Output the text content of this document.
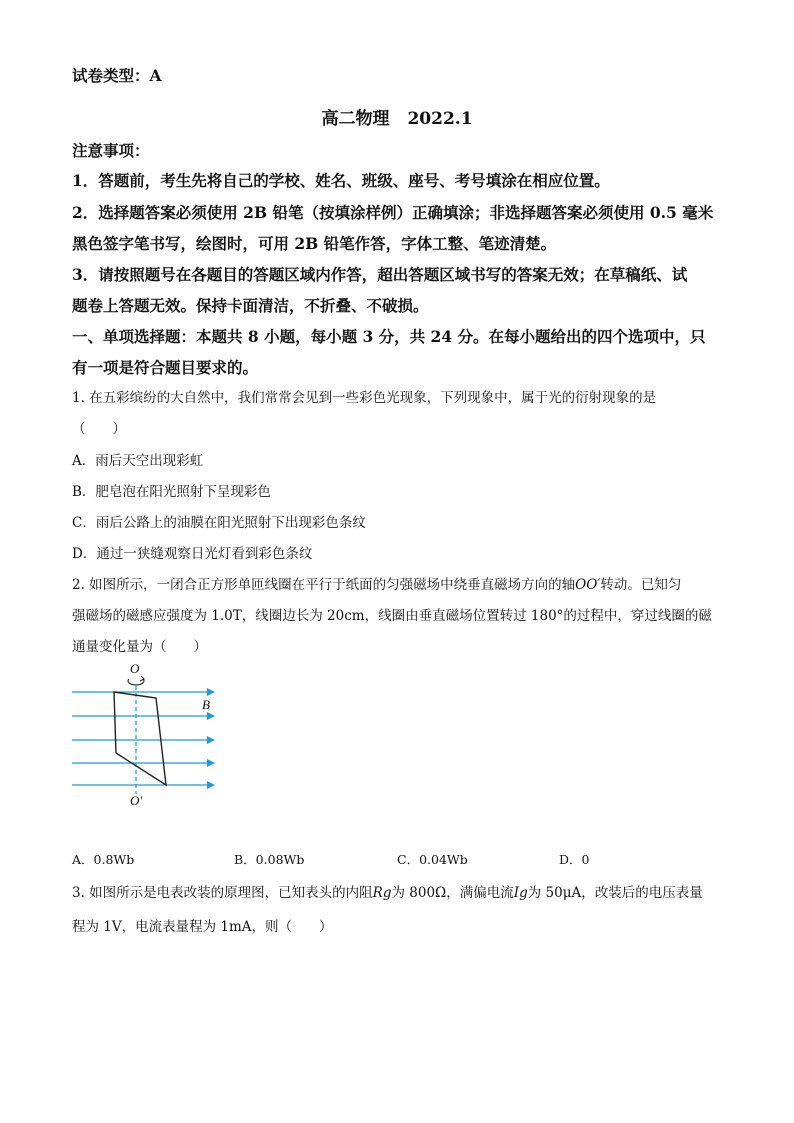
试卷类型：A
高二物理 2022.1
注意事项：
1．答题前，考生先将自己的学校、姓名、班级、座号、考号填涂在相应位置。
2．选择题答案必须使用 2B 铅笔（按填涂样例）正确填涂；非选择题答案必须使用 0.5 毫米
黑色签字笔书写，绘图时，可用 2B 铅笔作答，字体工整、笔迹清楚。
3．请按照题号在各题目的答题区域内作答，超出答题区域书写的答案无效；在草稿纸、试
题卷上答题无效。保持卡面清洁，不折叠、不破损。
一、单项选择题：本题共 8 小题，每小题 3 分，共 24 分。在每小题给出的四个选项中，只
有一项是符合题目要求的。
1. 在五彩缤纷的大自然中，我们常常会见到一些彩色光现象，下列现象中，属于光的衍射现象的是
（　　）
A．雨后天空出现彩虹
B．肥皂泡在阳光照射下呈现彩色
C．雨后公路上的油膜在阳光照射下出现彩色条纹
D．通过一狭缝观察日光灯看到彩色条纹
2. 如图所示，一闭合正方形单匝线圈在平行于纸面的匀强磁场中绕垂直磁场方向的轴OO′转动。已知匀
强磁场的磁感应强度为 1.0T，线圈边长为 20cm，线圈由垂直磁场位置转过 180°的过程中，穿过线圈的磁
通量变化量为（　　）
O
O′
B
A．0.8Wb	B．0.08Wb	C．0.04Wb	D．0
3. 如图所示是电表改装的原理图，已知表头的内阻Rg为 800Ω，满偏电流Ig为 50μA，改装后的电压表量
程为 1V，电流表量程为 1mA，则（　　）
